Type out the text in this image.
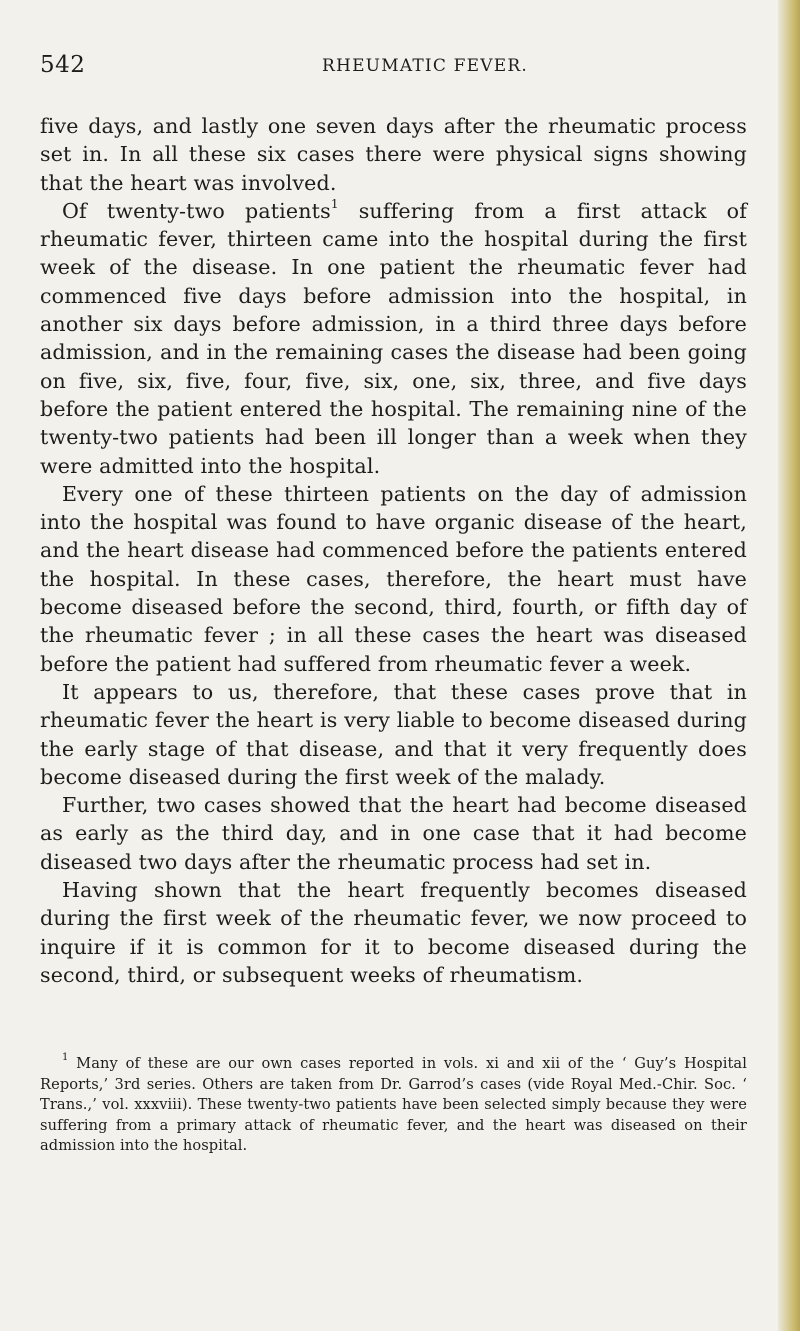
542	RHEUMATIC FEVER.

five days, and lastly one seven days after the rheumatic process set in. In all these six cases there were physical signs showing that the heart was involved.

Of twenty-two patients$^1$ suffering from a first attack of rheumatic fever, thirteen came into the hospital during the first week of the disease. In one patient the rheumatic fever had commenced five days before admission into the hospital, in another six days before admission, in a third three days before admission, and in the remaining cases the disease had been going on five, six, five, four, five, six, one, six, three, and five days before the patient entered the hospital. The remaining nine of the twenty-two patients had been ill longer than a week when they were admitted into the hospital.

Every one of these thirteen patients on the day of admission into the hospital was found to have organic disease of the heart, and the heart disease had commenced before the patients entered the hospital. In these cases, therefore, the heart must have become diseased before the second, third, fourth, or fifth day of the rheumatic fever ; in all these cases the heart was diseased before the patient had suffered from rheumatic fever a week.

It appears to us, therefore, that these cases prove that in rheumatic fever the heart is very liable to become diseased during the early stage of that disease, and that it very frequently does become diseased during the first week of the malady.

Further, two cases showed that the heart had become diseased as early as the third day, and in one case that it had become diseased two days after the rheumatic process had set in.

Having shown that the heart frequently becomes diseased during the first week of the rheumatic fever, we now proceed to inquire if it is common for it to become diseased during the second, third, or subsequent weeks of rheumatism.

$^1$ Many of these are our own cases reported in vols. xi and xii of the ‘ Guy’s Hospital Reports,’ 3rd series. Others are taken from Dr. Garrod’s cases (vide Royal Med.-Chir. Soc. ‘ Trans.,’ vol. xxxviii). These twenty-two patients have been selected simply because they were suffering from a primary attack of rheumatic fever, and the heart was diseased on their admission into the hospital.
